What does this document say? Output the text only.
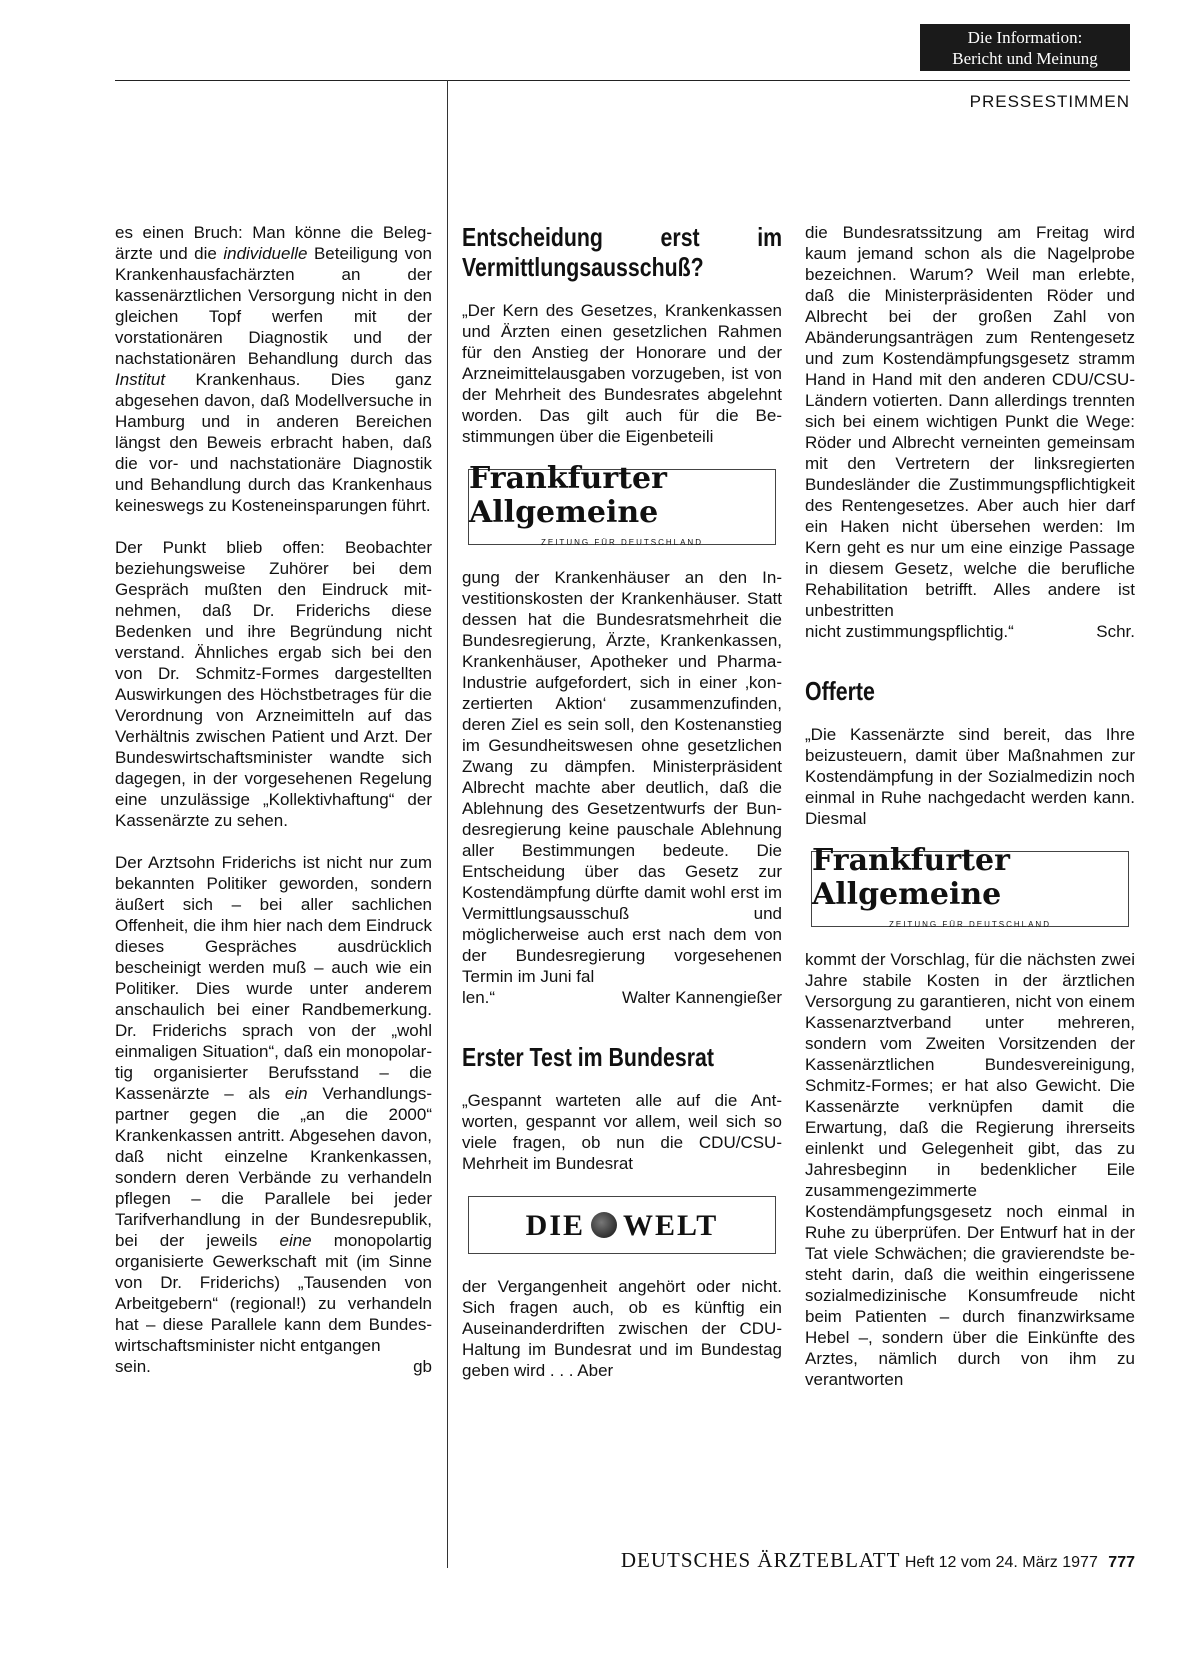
Die Information:
Bericht und Meinung
PRESSESTIMMEN

es einen Bruch: Man könne die Belegärzte und die individuelle Beteiligung von Krankenhausfachärzten an der kassenärztlichen Versorgung nicht in den gleichen Topf werfen mit der vorstationären Diagnostik und der nachstationären Behandlung durch das Institut Krankenhaus. Dies ganz abgesehen davon, daß Modellversuche in Hamburg und in anderen Bereichen längst den Beweis erbracht haben, daß die vor- und nachstationäre Diagnostik und Behandlung durch das Krankenhaus keineswegs zu Kosteneinsparungen führt.

Der Punkt blieb offen: Beobachter beziehungsweise Zuhörer bei dem Gespräch mußten den Eindruck mitnehmen, daß Dr. Friderichs diese Bedenken und ihre Begründung nicht verstand. Ähnliches ergab sich bei den von Dr. Schmitz-Formes dargestellten Auswirkungen des Höchstbetrages für die Verordnung von Arzneimitteln auf das Verhältnis zwischen Patient und Arzt. Der Bundeswirtschaftsminister wandte sich dagegen, in der vorgesehenen Regelung eine unzulässige „Kollektivhaftung“ der Kassenärzte zu sehen.

Der Arztsohn Friderichs ist nicht nur zum bekannten Politiker geworden, sondern äußert sich – bei aller sachlichen Offenheit, die ihm hier nach dem Eindruck dieses Gespräches ausdrücklich bescheinigt werden muß – auch wie ein Politiker. Dies wurde unter anderem anschaulich bei einer Randbemerkung. Dr. Friderichs sprach von der „wohl einmaligen Situation“, daß ein monopolartig organisierter Berufsstand – die Kassenärzte – als ein Verhandlungspartner gegen die „an die 2000“ Krankenkassen antritt. Abgesehen davon, daß nicht einzelne Krankenkassen, sondern deren Verbände zu verhandeln pflegen – die Parallele bei jeder Tarifverhandlung in der Bundesrepublik, bei der jeweils eine monopolartig organisierte Gewerkschaft mit (im Sinne von Dr. Friderichs) „Tausenden von Arbeitgebern“ (regional!) zu verhandeln hat – diese Parallele kann dem Bundeswirtschaftsminister nicht entgangen

sein.	gb
Entscheidung erst im Vermittlungsausschuß?

„Der Kern des Gesetzes, Krankenkassen und Ärzten einen gesetzlichen Rahmen für den Anstieg der Honorare und der Arzneimittelausgaben vorzugeben, ist von der Mehrheit des Bundesrates abgelehnt worden. Das gilt auch für die Bestimmungen über die Eigenbeteili

Frankfurter Allgemeine
ZEITUNG FÜR DEUTSCHLAND

gung der Krankenhäuser an den Investitionskosten der Krankenhäuser. Statt dessen hat die Bundesratsmehrheit die Bundesregierung, Ärzte, Krankenkassen, Krankenhäuser, Apotheker und Pharma-Industrie aufgefordert, sich in einer ‚konzertierten Aktion‘ zusammenzufinden, deren Ziel es sein soll, den Kostenanstieg im Gesundheitswesen ohne gesetzlichen Zwang zu dämpfen. Ministerpräsident Albrecht machte aber deutlich, daß die Ablehnung des Gesetzentwurfs der Bundesregierung keine pauschale Ablehnung aller Bestimmungen bedeute. Die Entscheidung über das Gesetz zur Kostendämpfung dürfte damit wohl erst im Vermittlungsausschuß und möglicherweise auch erst nach dem von der Bundesregierung vorgesehenen Termin im Juni fal

len.“	Walter Kannengießer
Erster Test im Bundesrat

„Gespannt warteten alle auf die Antworten, gespannt vor allem, weil sich so viele fragen, ob nun die CDU/CSU-Mehrheit im Bundesrat

DIE WELT

der Vergangenheit angehört oder nicht. Sich fragen auch, ob es künftig ein Auseinanderdriften zwischen der CDU-Haltung im Bundesrat und im Bundestag geben wird . . . Aber

die Bundesratssitzung am Freitag wird kaum jemand schon als die Nagelprobe bezeichnen. Warum? Weil man erlebte, daß die Ministerpräsidenten Röder und Albrecht bei der großen Zahl von Abänderungsanträgen zum Rentengesetz und zum Kostendämpfungsgesetz stramm Hand in Hand mit den anderen CDU/CSU-Ländern votierten. Dann allerdings trennten sich bei einem wichtigen Punkt die Wege: Röder und Albrecht verneinten gemeinsam mit den Vertretern der linksregierten Bundesländer die Zustimmungspflichtigkeit des Rentengesetzes. Aber auch hier darf ein Haken nicht übersehen werden: Im Kern geht es nur um eine einzige Passage in diesem Gesetz, welche die berufliche Rehabilitation betrifft. Alles andere ist unbestritten

nicht zustimmungspflichtig.“	Schr.
Offerte

„Die Kassenärzte sind bereit, das Ihre beizusteuern, damit über Maßnahmen zur Kostendämpfung in der Sozialmedizin noch einmal in Ruhe nachgedacht werden kann. Diesmal

Frankfurter Allgemeine
ZEITUNG FÜR DEUTSCHLAND

kommt der Vorschlag, für die nächsten zwei Jahre stabile Kosten in der ärztlichen Versorgung zu garantieren, nicht von einem Kassenarztverband unter mehreren, sondern vom Zweiten Vorsitzenden der Kassenärztlichen Bundesvereinigung, Schmitz-Formes; er hat also Gewicht. Die Kassenärzte verknüpfen damit die Erwartung, daß die Regierung ihrerseits einlenkt und Gelegenheit gibt, das zu Jahresbeginn in bedenklicher Eile zusammengezimmerte Kostendämpfungsgesetz noch einmal in Ruhe zu überprüfen. Der Entwurf hat in der Tat viele Schwächen; die gravierendste besteht darin, daß die weithin eingerissene sozialmedizinische Konsumfreude nicht beim Patienten – durch finanzwirksame Hebel –, sondern über die Einkünfte des Arztes, nämlich durch von ihm zu verantworten

DEUTSCHES ÄRZTEBLATT Heft 12 vom 24. März 1977 777
